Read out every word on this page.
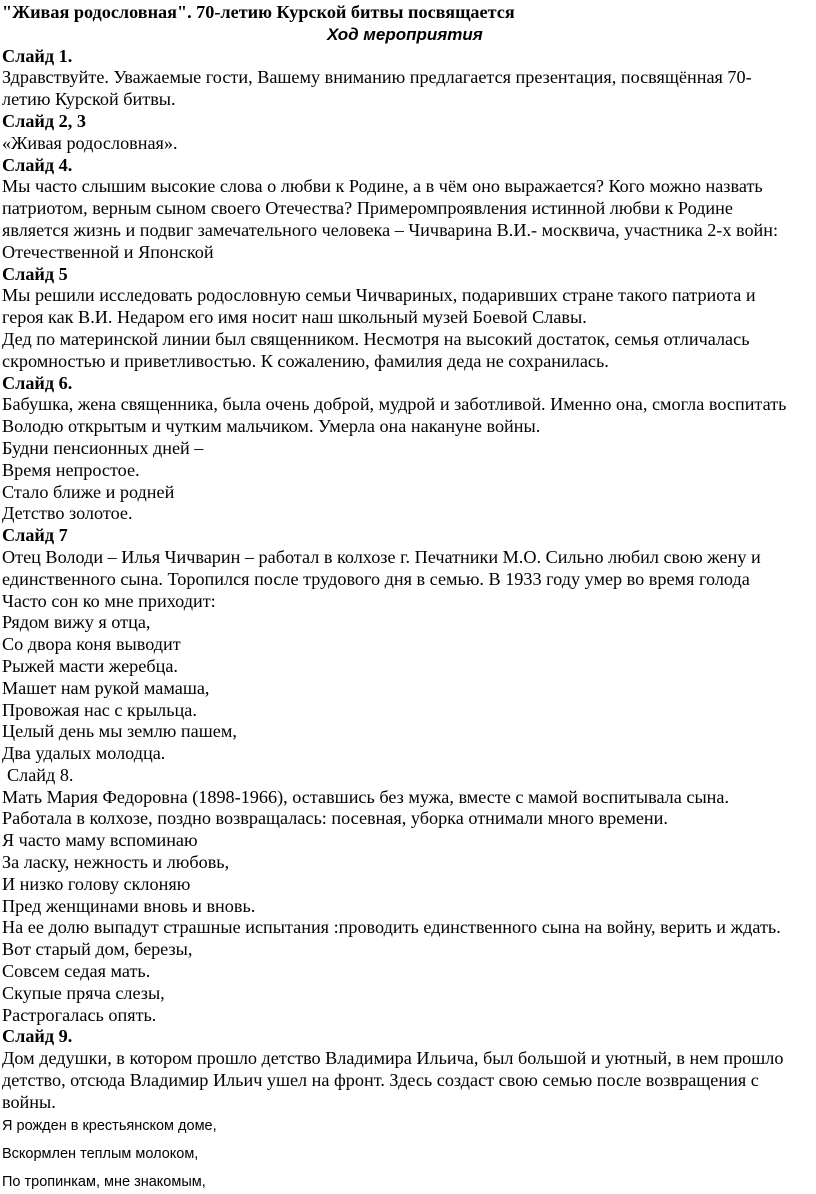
"Живая родословная". 70-летию Курской битвы посвящается
Ход мероприятия
Слайд 1.
Здравствуйте. Уважаемые гости, Вашему вниманию предлагается презентация, посвящённая 70-
летию Курской битвы.
Слайд 2, 3
«Живая родословная».
Слайд 4.
Мы часто слышим высокие слова о любви к Родине, а в чём оно выражается? Кого можно назвать
патриотом, верным сыном своего Отечества? Примеромпроявления истинной любви к Родине
является жизнь и подвиг замечательного человека – Чичварина В.И.- москвича, участника 2-х войн:
Отечественной и Японской
Слайд 5
Мы решили исследовать родословную семьи Чичвариных, подаривших стране такого патриота и
героя как В.И. Недаром его имя носит наш школьный музей Боевой Славы.
Дед по материнской линии был священником. Несмотря на высокий достаток, семья отличалась
скромностью и приветливостью. К сожалению, фамилия деда не сохранилась.
Слайд 6.
Бабушка, жена священника, была очень доброй, мудрой и заботливой. Именно она, смогла воспитать
Володю открытым и чутким мальчиком. Умерла она накануне войны.
Будни пенсионных дней –
Время непростое.
Стало ближе и родней
Детство золотое.
Слайд 7
Отец Володи – Илья Чичварин – работал в колхозе г. Печатники М.О. Сильно любил свою жену и
единственного сына. Торопился после трудового дня в семью. В 1933 году умер во время голода
Часто сон ко мне приходит:
Рядом вижу я отца,
Со двора коня выводит
Рыжей масти жеребца.
Машет нам рукой мамаша,
Провожая нас с крыльца.
Целый день мы землю пашем,
Два удалых молодца.
Слайд 8.
Мать Мария Федоровна (1898-1966), оставшись без мужа, вместе с мамой воспитывала сына.
Работала в колхозе, поздно возвращалась: посевная, уборка отнимали много времени.
Я часто маму вспоминаю
За ласку, нежность и любовь,
И низко голову склоняю
Пред женщинами вновь и вновь.
На ее долю выпадут страшные испытания :проводить единственного сына на войну, верить и ждать.
Вот старый дом, березы,
Совсем седая мать.
Скупые пряча слезы,
Растрогалась опять.
Слайд 9.
Дом дедушки, в котором прошло детство Владимира Ильича, был большой и уютный, в нем прошло
детство, отсюда Владимир Ильич ушел на фронт. Здесь создаст свою семью после возвращения с
войны.
Я рожден в крестьянском доме,
Вскормлен теплым молоком,
По тропинкам, мне знакомым,
